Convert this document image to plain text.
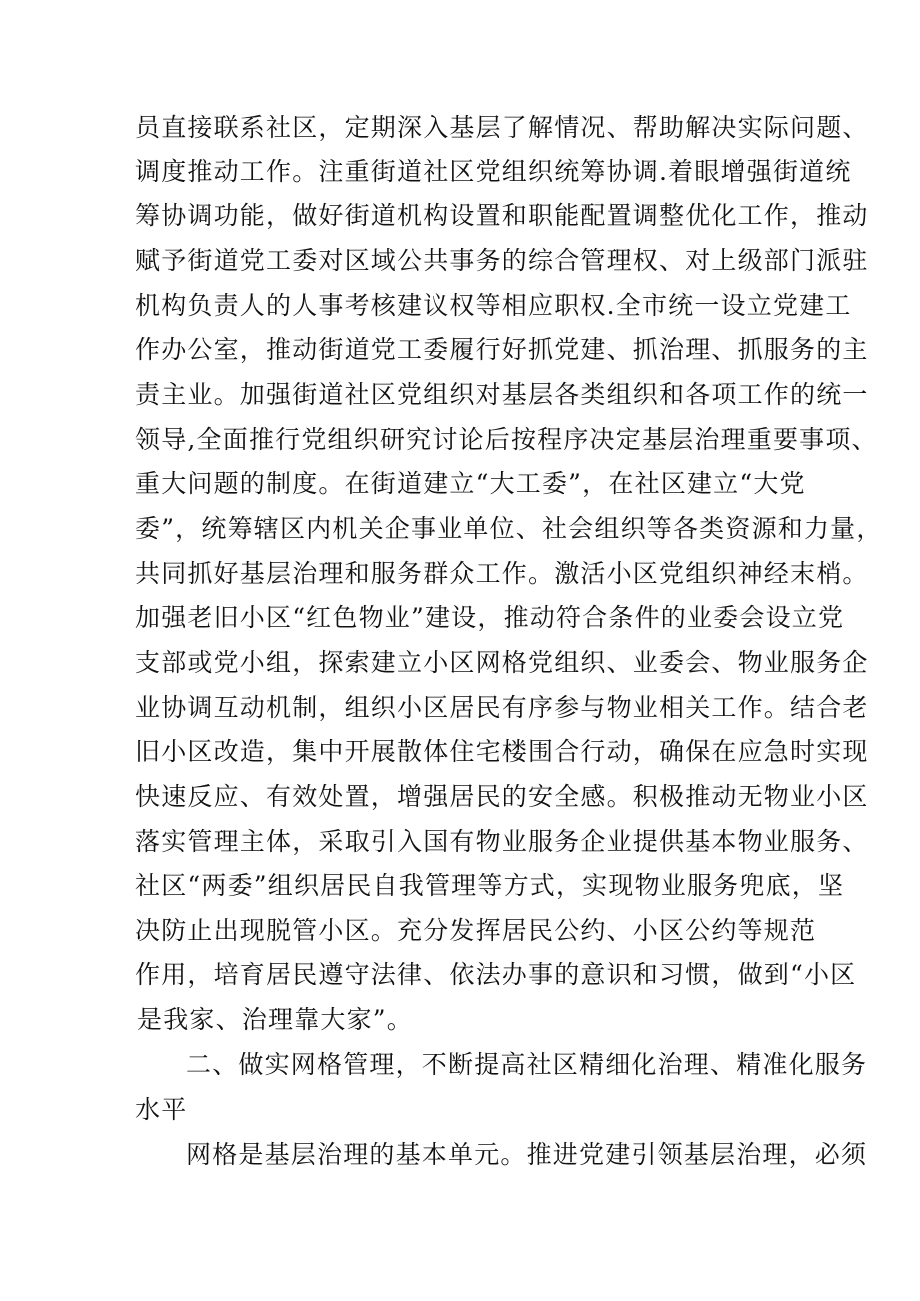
员直接联系社区，定期深入基层了解情况、帮助解决实际问题、
调度推动工作。注重街道社区党组织统筹协调.着眼增强街道统
筹协调功能，做好街道机构设置和职能配置调整优化工作，推动
赋予街道党工委对区域公共事务的综合管理权、对上级部门派驻
机构负责人的人事考核建议权等相应职权.全市统一设立党建工
作办公室，推动街道党工委履行好抓党建、抓治理、抓服务的主
责主业。加强街道社区党组织对基层各类组织和各项工作的统一
领导,全面推行党组织研究讨论后按程序决定基层治理重要事项、
重大问题的制度。在街道建立“大工委”，在社区建立“大党
委”，统筹辖区内机关企事业单位、社会组织等各类资源和力量，
共同抓好基层治理和服务群众工作。激活小区党组织神经末梢。
加强老旧小区“红色物业”建设，推动符合条件的业委会设立党
支部或党小组，探索建立小区网格党组织、业委会、物业服务企
业协调互动机制，组织小区居民有序参与物业相关工作。结合老
旧小区改造，集中开展散体住宅楼围合行动，确保在应急时实现
快速反应、有效处置，增强居民的安全感。积极推动无物业小区
落实管理主体，采取引入国有物业服务企业提供基本物业服务、
社区“两委”组织居民自我管理等方式，实现物业服务兜底，坚
决防止出现脱管小区。充分发挥居民公约、小区公约等规范
作用，培育居民遵守法律、依法办事的意识和习惯，做到“小区
是我家、治理靠大家”。
二、做实网格管理，不断提高社区精细化治理、精准化服务
水平
网格是基层治理的基本单元。推进党建引领基层治理，必须
